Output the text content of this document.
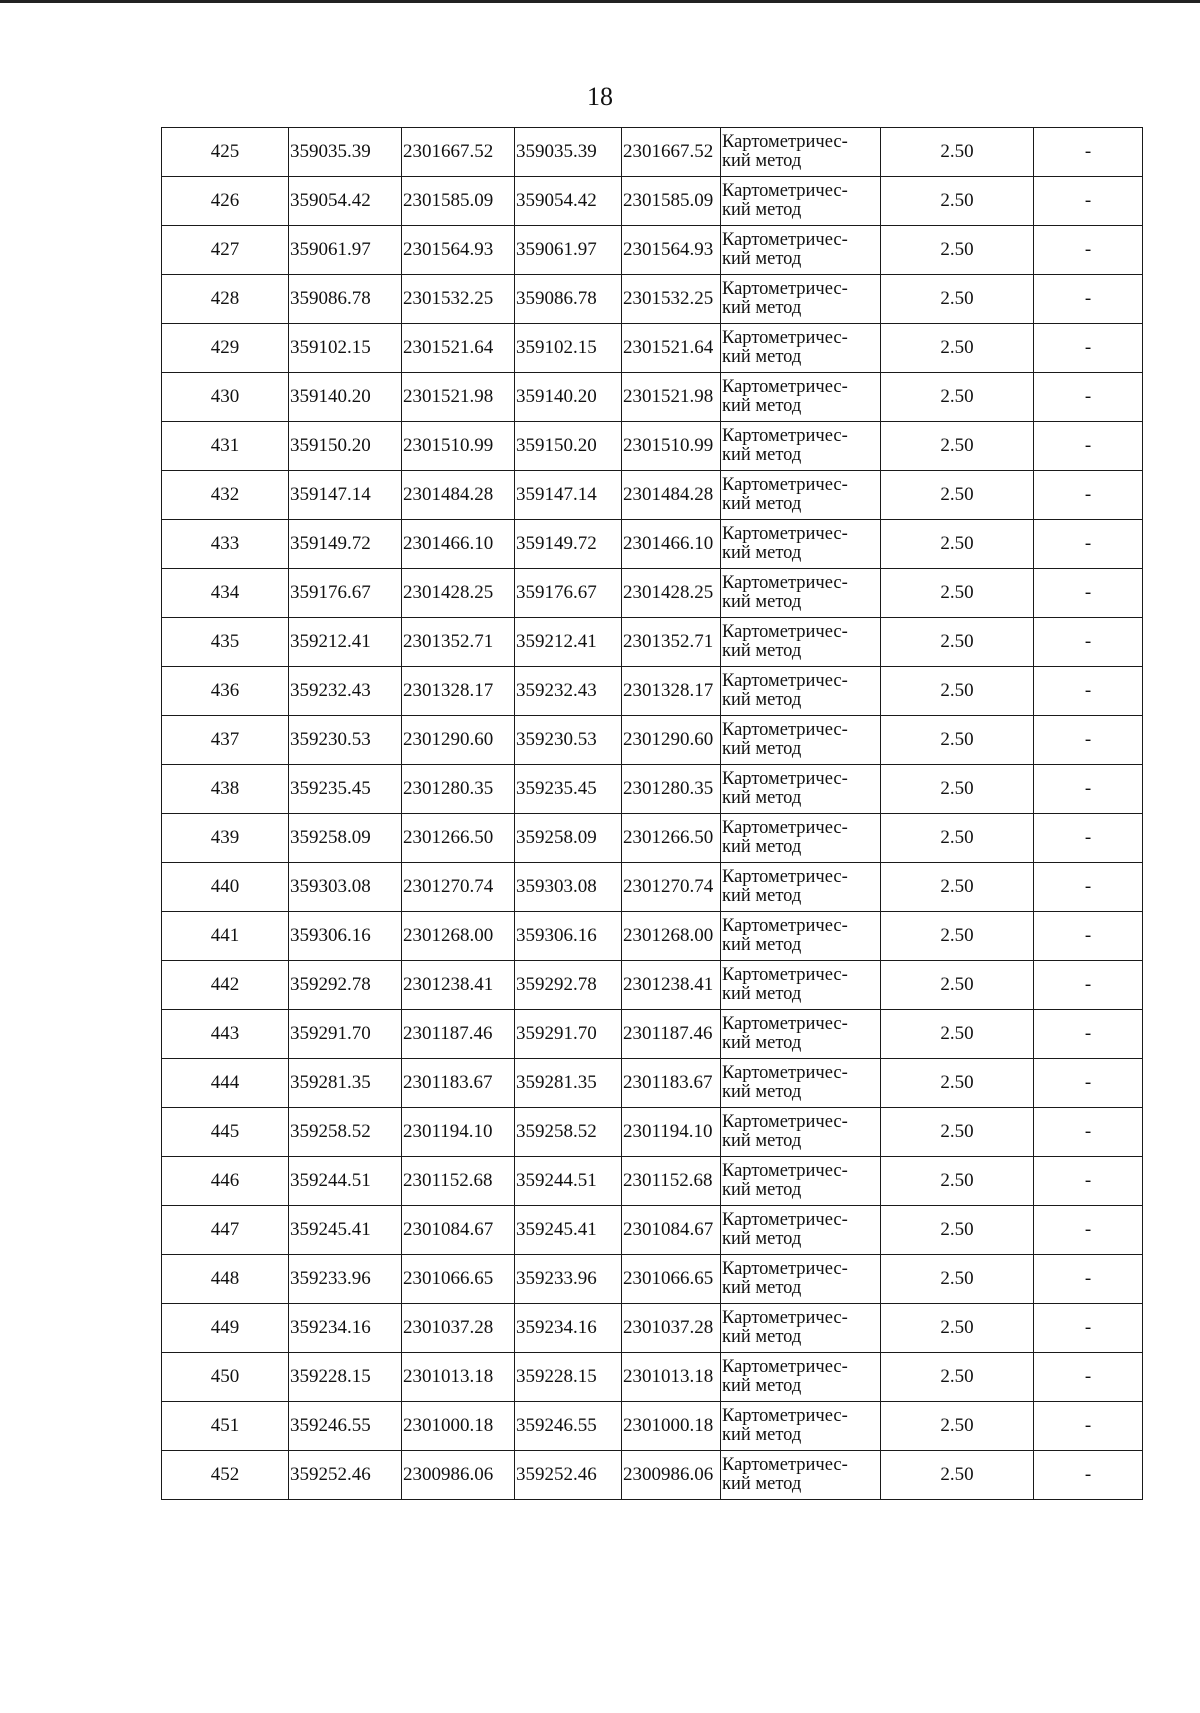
18
425	359035.39	2301667.52	359035.39	2301667.52	Картометричес-
кий метод	2.50	-
426	359054.42	2301585.09	359054.42	2301585.09	Картометричес-
кий метод	2.50	-
427	359061.97	2301564.93	359061.97	2301564.93	Картометричес-
кий метод	2.50	-
428	359086.78	2301532.25	359086.78	2301532.25	Картометричес-
кий метод	2.50	-
429	359102.15	2301521.64	359102.15	2301521.64	Картометричес-
кий метод	2.50	-
430	359140.20	2301521.98	359140.20	2301521.98	Картометричес-
кий метод	2.50	-
431	359150.20	2301510.99	359150.20	2301510.99	Картометричес-
кий метод	2.50	-
432	359147.14	2301484.28	359147.14	2301484.28	Картометричес-
кий метод	2.50	-
433	359149.72	2301466.10	359149.72	2301466.10	Картометричес-
кий метод	2.50	-
434	359176.67	2301428.25	359176.67	2301428.25	Картометричес-
кий метод	2.50	-
435	359212.41	2301352.71	359212.41	2301352.71	Картометричес-
кий метод	2.50	-
436	359232.43	2301328.17	359232.43	2301328.17	Картометричес-
кий метод	2.50	-
437	359230.53	2301290.60	359230.53	2301290.60	Картометричес-
кий метод	2.50	-
438	359235.45	2301280.35	359235.45	2301280.35	Картометричес-
кий метод	2.50	-
439	359258.09	2301266.50	359258.09	2301266.50	Картометричес-
кий метод	2.50	-
440	359303.08	2301270.74	359303.08	2301270.74	Картометричес-
кий метод	2.50	-
441	359306.16	2301268.00	359306.16	2301268.00	Картометричес-
кий метод	2.50	-
442	359292.78	2301238.41	359292.78	2301238.41	Картометричес-
кий метод	2.50	-
443	359291.70	2301187.46	359291.70	2301187.46	Картометричес-
кий метод	2.50	-
444	359281.35	2301183.67	359281.35	2301183.67	Картометричес-
кий метод	2.50	-
445	359258.52	2301194.10	359258.52	2301194.10	Картометричес-
кий метод	2.50	-
446	359244.51	2301152.68	359244.51	2301152.68	Картометричес-
кий метод	2.50	-
447	359245.41	2301084.67	359245.41	2301084.67	Картометричес-
кий метод	2.50	-
448	359233.96	2301066.65	359233.96	2301066.65	Картометричес-
кий метод	2.50	-
449	359234.16	2301037.28	359234.16	2301037.28	Картометричес-
кий метод	2.50	-
450	359228.15	2301013.18	359228.15	2301013.18	Картометричес-
кий метод	2.50	-
451	359246.55	2301000.18	359246.55	2301000.18	Картометричес-
кий метод	2.50	-
452	359252.46	2300986.06	359252.46	2300986.06	Картометричес-
кий метод	2.50	-
